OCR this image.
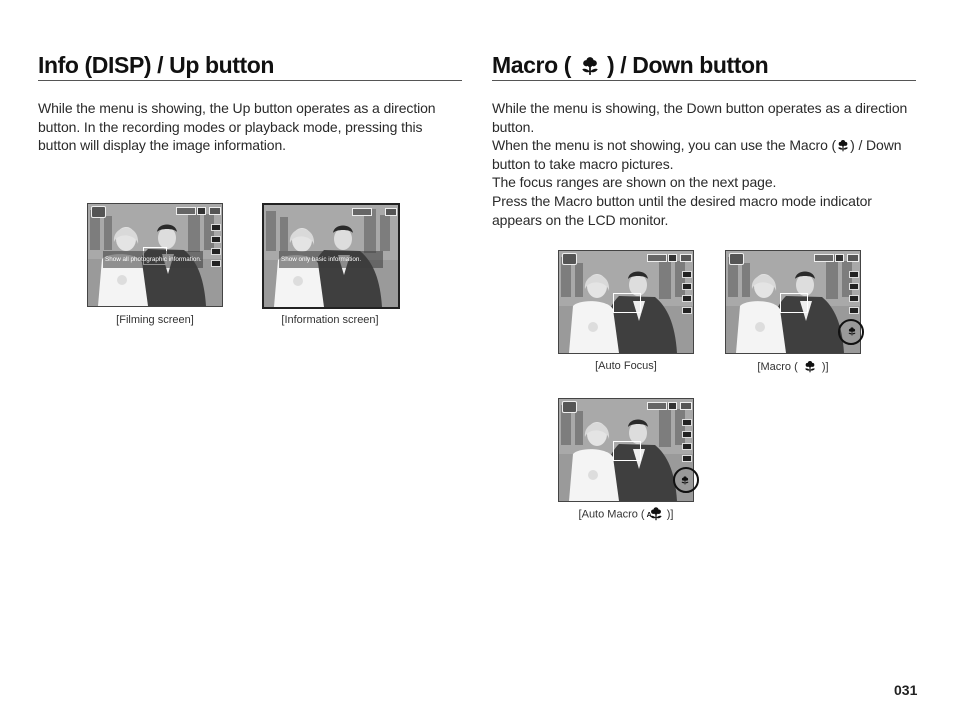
Info (DISP) / Up button

While the menu is showing, the Up button operates as a direction button. In the recording modes or playback mode, pressing this button will display the image information.

Show all photographic information.
[Filming screen]
Show only basic information.
[Information screen]
Macro ( ) / Down button

While the menu is showing, the Down button operates as a direction button.

When the menu is not showing, you can use the Macro ( ) / Down button to take macro pictures.

The focus ranges are shown on the next page.

Press the Macro button until the desired macro mode indicator appears on the LCD monitor.

[Auto Focus]	[Macro ( )]
[Auto Macro ( A )]
031
